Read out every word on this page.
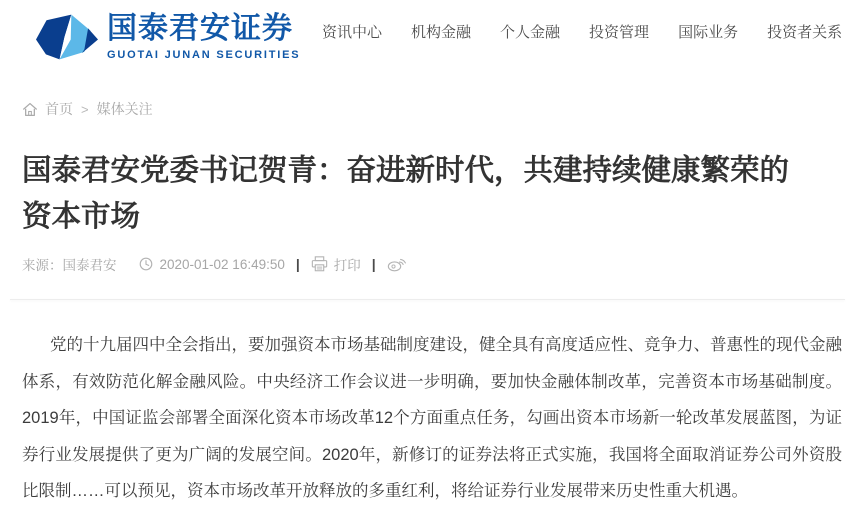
国泰君安证券
GUOTAI JUNAN SECURITIES
资讯中心 机构金融 个人金融 投资管理 国际业务 投资者关系
首页 > 媒体关注
国泰君安党委书记贺青：奋进新时代，共建持续健康繁荣的资本市场
来源： 国泰君安	2020-01-02 16:49:50 |	打印 |

党的十九届四中全会指出，要加强资本市场基础制度建设，健全具有高度适应性、竞争力、普惠性的现代金融体系，有效防范化解金融风险。中央经济工作会议进一步明确，要加快金融体制改革，完善资本市场基础制度。2019年，中国证监会部署全面深化资本市场改革12个方面重点任务，勾画出资本市场新一轮改革发展蓝图，为证券行业发展提供了更为广阔的发展空间。2020年，新修订的证券法将正式实施，我国将全面取消证券公司外资股比限制……可以预见，资本市场改革开放释放的多重红利，将给证券行业发展带来历史性重大机遇。
